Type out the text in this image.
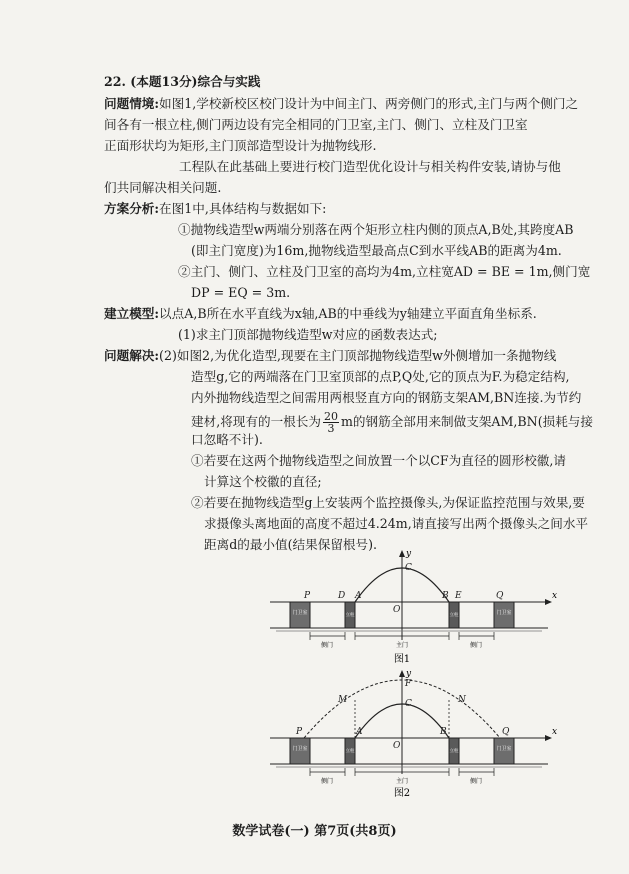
22. (本题13分)综合与实践
问题情境:如图1,学校新校区校门设计为中间主门、两旁侧门的形式,主门与两个侧门之
间各有一根立柱,侧门两边设有完全相同的门卫室,主门、侧门、立柱及门卫室
正面形状均为矩形,主门顶部造型设计为抛物线形.
工程队在此基础上要进行校门造型优化设计与相关构件安装,请协与他
们共同解决相关问题.
方案分析:在图1中,具体结构与数据如下:
①抛物线造型w两端分别落在两个矩形立柱内侧的顶点A,B处,其跨度AB
(即主门宽度)为16m,抛物线造型最高点C到水平线AB的距离为4m.
②主门、侧门、立柱及门卫室的高均为4m,立柱宽AD = BE = 1m,侧门宽
DP = EQ = 3m.
建立模型:以点A,B所在水平直线为x轴,AB的中垂线为y轴建立平面直角坐标系.
(1)求主门顶部抛物线造型w对应的函数表达式;
问题解决:(2)如图2,为优化造型,现要在主门顶部抛物线造型w外侧增加一条抛物线
造型g,它的两端落在门卫室顶部的点P,Q处,它的顶点为F.为稳定结构,
内外抛物线造型之间需用两根竖直方向的钢筋支架AM,BN连接.为节约
建材,将现有的一根长为 $\frac{20}{3}$ m的钢筋全部用来制做支架AM,BN(损耗与接
口忽略不计).
①若要在这两个抛物线造型之间放置一个以CF为直径的圆形校徽,请
计算这个校徽的直径;
②若要在抛物线造型g上安装两个监控摄像头,为保证监控范围与效果,要
求摄像头离地面的高度不超过4.24m,请直接写出两个摄像头之间水平
距离d的最小值(结果保留根号).
x
y
门卫室	门卫室
立柱	立柱
P	D A
C
O
B E	Q
侧门	主门	侧门
图1
x
y
门卫室	门卫室
立柱	立柱
F
M	N
C
P	A
O
B	Q
侧门	主门	侧门
图2
数学试卷(一) 第7页(共8页)
